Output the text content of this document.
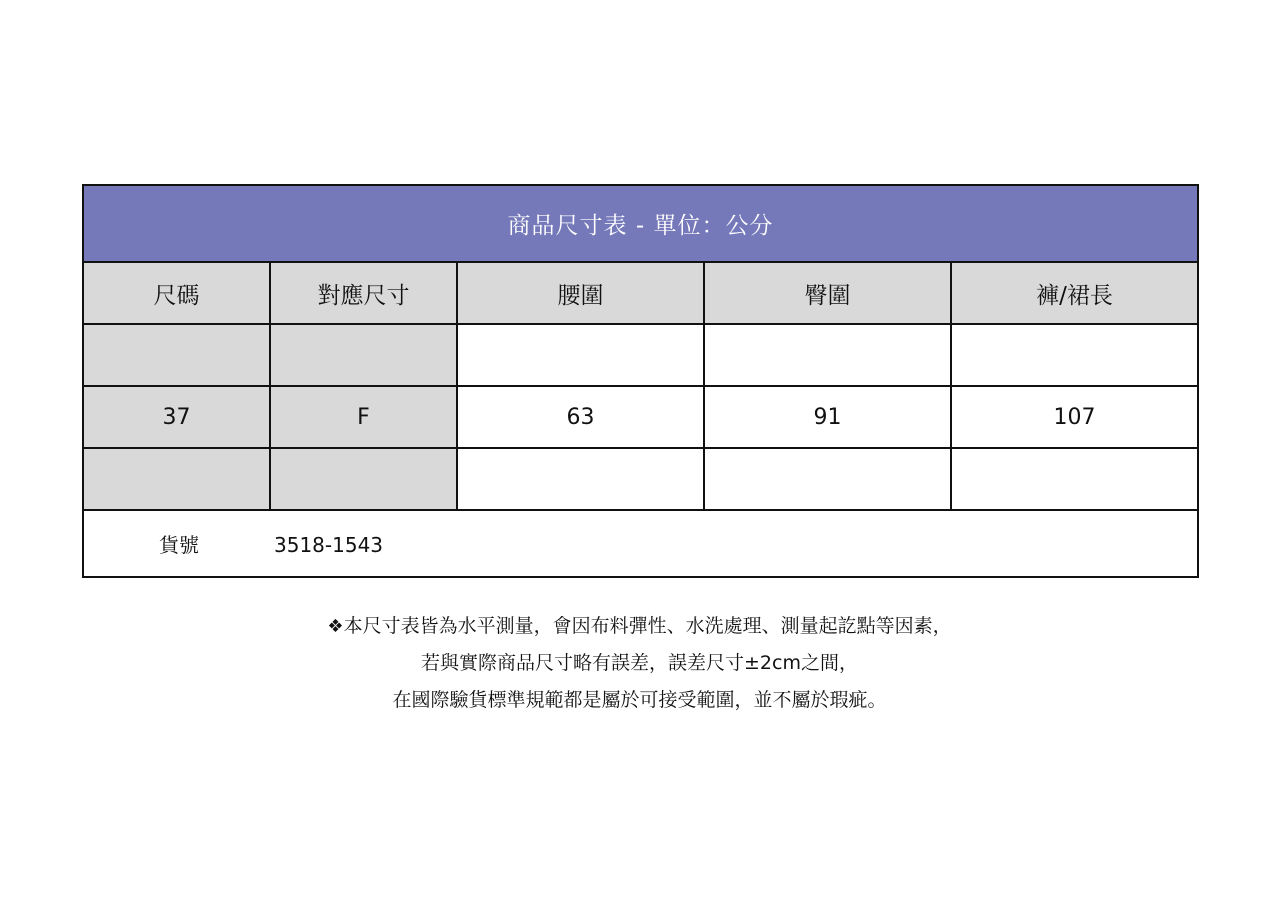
商品尺寸表 - 單位：公分				
尺碼	對應尺寸	腰圍	臀圍	褲/裙長

37	F	63	91	107

貨號 3518-1543				

❖本尺寸表皆為水平測量，會因布料彈性、水洗處理、測量起訖點等因素，

若與實際商品尺寸略有誤差，誤差尺寸±2cm之間，

在國際驗貨標準規範都是屬於可接受範圍，並不屬於瑕疵。
